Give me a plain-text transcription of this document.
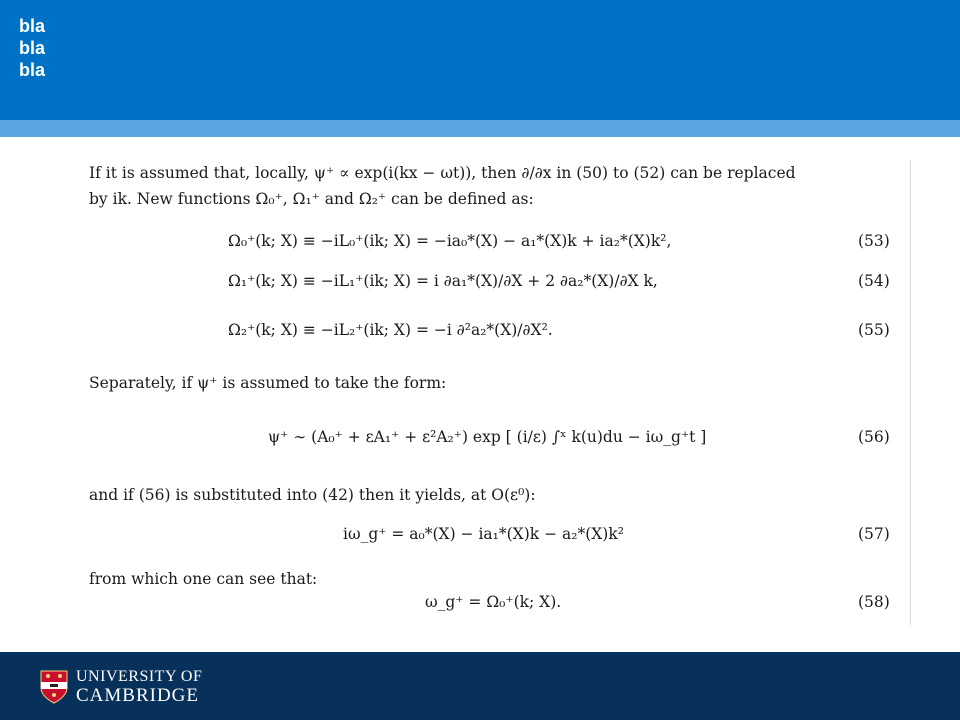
bla
bla
bla
If it is assumed that, locally, ψ⁺ ∝ exp(i(kx − ωt)), then ∂/∂x in (50) to (52) can be replaced
by ik. New functions Ω₀⁺, Ω₁⁺ and Ω₂⁺ can be defined as:
Ω₀⁺(k; X) ≡ −iL₀⁺(ik; X) = −ia₀*(X) − a₁*(X)k + ia₂*(X)k²,	(53)
Ω₁⁺(k; X) ≡ −iL₁⁺(ik; X) = i ∂a₁*(X)/∂X + 2 ∂a₂*(X)/∂X k,	(54)
Ω₂⁺(k; X) ≡ −iL₂⁺(ik; X) = −i ∂²a₂*(X)/∂X².	(55)
Separately, if ψ⁺ is assumed to take the form:
ψ⁺ ∼ (A₀⁺ + εA₁⁺ + ε²A₂⁺) exp [ (i/ε) ∫ˣ k(u)du − iω_g⁺t ]	(56)
and if (56) is substituted into (42) then it yields, at O(ε⁰):
iω_g⁺ = a₀*(X) − ia₁*(X)k − a₂*(X)k²	(57)
from which one can see that:
ω_g⁺ = Ω₀⁺(k; X).	(58)
UNIVERSITY OF
CAMBRIDGE
